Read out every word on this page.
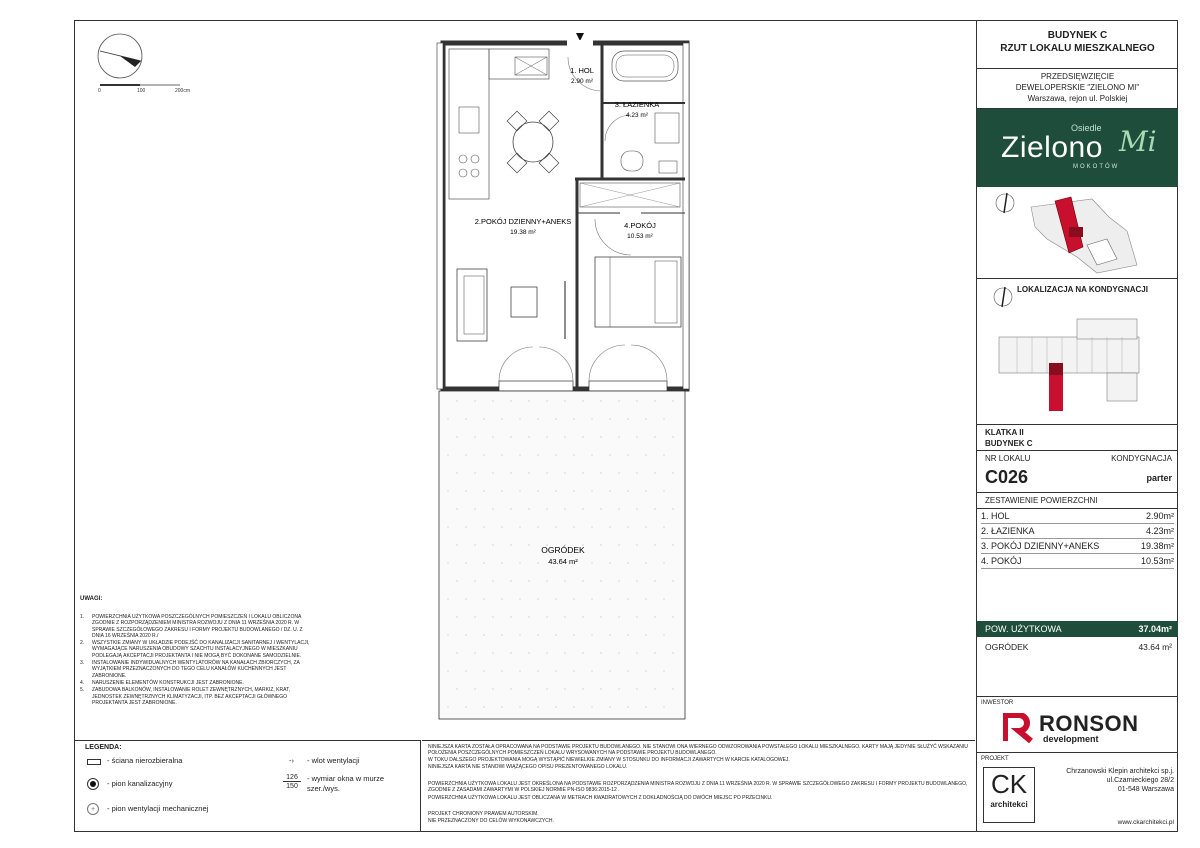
0	100	200cm
1. HOL
2.90 m²
3. ŁAZIENKA
4.23 m²
2.POKÓJ DZIENNY+ANEKS
19.38 m²
4.POKÓJ
10.53 m²
OGRÓDEK
43.64 m²
UWAGI:
1.	POWIERZCHNIA UŻYTKOWA POSZCZEGÓLNYCH POMIESZCZEŃ I LOKALU OBLICZONA ZGODNIE Z ROZPORZĄDZENIEM MINISTRA ROZWOJU Z DNIA 11 WRZEŚNIA 2020 R. W SPRAWIE SZCZEGÓŁOWEGO ZAKRESU I FORMY PROJEKTU BUDOWLANEGO / DZ. U. Z DNIA 16 WRZEŚNIA 2020 R./
2.	WSZYSTKIE ZMIANY W UKŁADZIE PODEJŚĆ DO KANALIZACJI SANITARNEJ I WENTYLACJI, WYMAGAJĄCE NARUSZENIA OBUDOWY SZACHTU INSTALACYJNEGO W MIESZKANIU PODLEGAJĄ AKCEPTACJI PROJEKTANTA I NIE MOGĄ BYĆ DOKONANE SAMODZIELNIE.
3.	INSTALOWANIE INDYWIDUALNYCH WENTYLATORÓW NA KANAŁACH ZBIORCZYCH, ZA WYJĄTKIEM PRZEZNACZONYCH DO TEGO CELU KANAŁÓW KUCHENNYCH JEST ZABRONIONE.
4.	NARUSZENIE ELEMENTÓW KONSTRUKCJI JEST ZABRONIONE.
5.	ZABUDOWA BALKONÓW, INSTALOWANIE ROLET ZEWNĘTRZNYCH, MARKIZ, KRAT, JEDNOSTEK ZEWNĘTRZNYCH KLIMATYZACJI, ITP. BEZ AKCEPTACJI GŁÓWNEGO PROJEKTANTA JEST ZABRONIONE.
LEGENDA:
- ściana nierozbieralna	-› - wlot wentylacji
- pion kanalizacyjny
126
150
- wymiar okna w murze
szer./wys.
+	- pion wentylacji mechanicznej
NINIEJSZA KARTA ZOSTAŁA OPRACOWANA NA PODSTAWIE PROJEKTU BUDOWLANEGO. NIE STANOWI ONA WIERNEGO ODWZOROWANIA POWSTAŁEGO LOKALU MIESZKALNEGO. KARTY MAJĄ JEDYNIE SŁUŻYĆ WSKAZANIU POŁOŻENIA POSZCZEGÓLNYCH POMIESZCZEŃ LOKALU WRYSOWANYCH NA PODSTAWIE PROJEKTU BUDOWLANEGO.
W TOKU DALSZEGO PROJEKTOWANIA MOGĄ WYSTĄPIĆ NIEWIELKIE ZMIANY W STOSUNKU DO INFORMACJI ZAWARTYCH W KARCIE KATALOGOWEJ.
NINIEJSZA KARTA NIE STANOWI WIĄŻĄCEGO OPISU PREZENTOWANEGO LOKALU.
POWIERZCHNIA UŻYTKOWA LOKALU JEST OKREŚLONA NA PODSTAWIE ROZPORZĄDZENIA MINISTRA ROZWOJU Z DNIA 11 WRZEŚNIA 2020 R. W SPRAWIE SZCZEGÓŁOWEGO ZAKRESU I FORMY PROJEKTU BUDOWLANEGO, ZGODNIE Z ZASADAMI ZAWARTYMI W POLSKIEJ NORMIE PN-ISO 9836:2015-12 .
POWIERZCHNIA UŻYTKOWA LOKALU JEST OBLICZANA W METRACH KWADRATOWYCH Z DOKŁADNOŚCIĄ DO DWÓCH MIEJSC PO PRZECINKU.
PROJEKT CHRONIONY PRAWEM AUTORSKIM.
NIE PRZEZNACZONY DO CELÓW WYKONAWCZYCH.
BUDYNEK C
RZUT LOKALU MIESZKALNEGO
PRZEDSIĘWZIĘCIE
DEWELOPERSKIE "ZIELONO MI"
Warszawa, rejon ul. Polskiej
Osiedle
Zielono Mi
MOKOTÓW
LOKALIZACJA NA KONDYGNACJI
KLATKA II
BUDYNEK C
NR LOKALU	KONDYGNACJA
C026	parter
ZESTAWIENIE POWIERZCHNI
1. HOL	2.90m²
2. ŁAZIENKA	4.23m²
3. POKÓJ DZIENNY+ANEKS	19.38m²
4. POKÓJ	10.53m²
POW. UŻYTKOWA	37.04m²
OGRÓDEK	43.64 m²
INWESTOR
RONSON
development
PROJEKT
CK
architekci
Chrzanowski Klepin architekci sp.j.
ul.Czarnieckiego 28/2
01-548 Warszawa
www.ckarchitekci.pl
